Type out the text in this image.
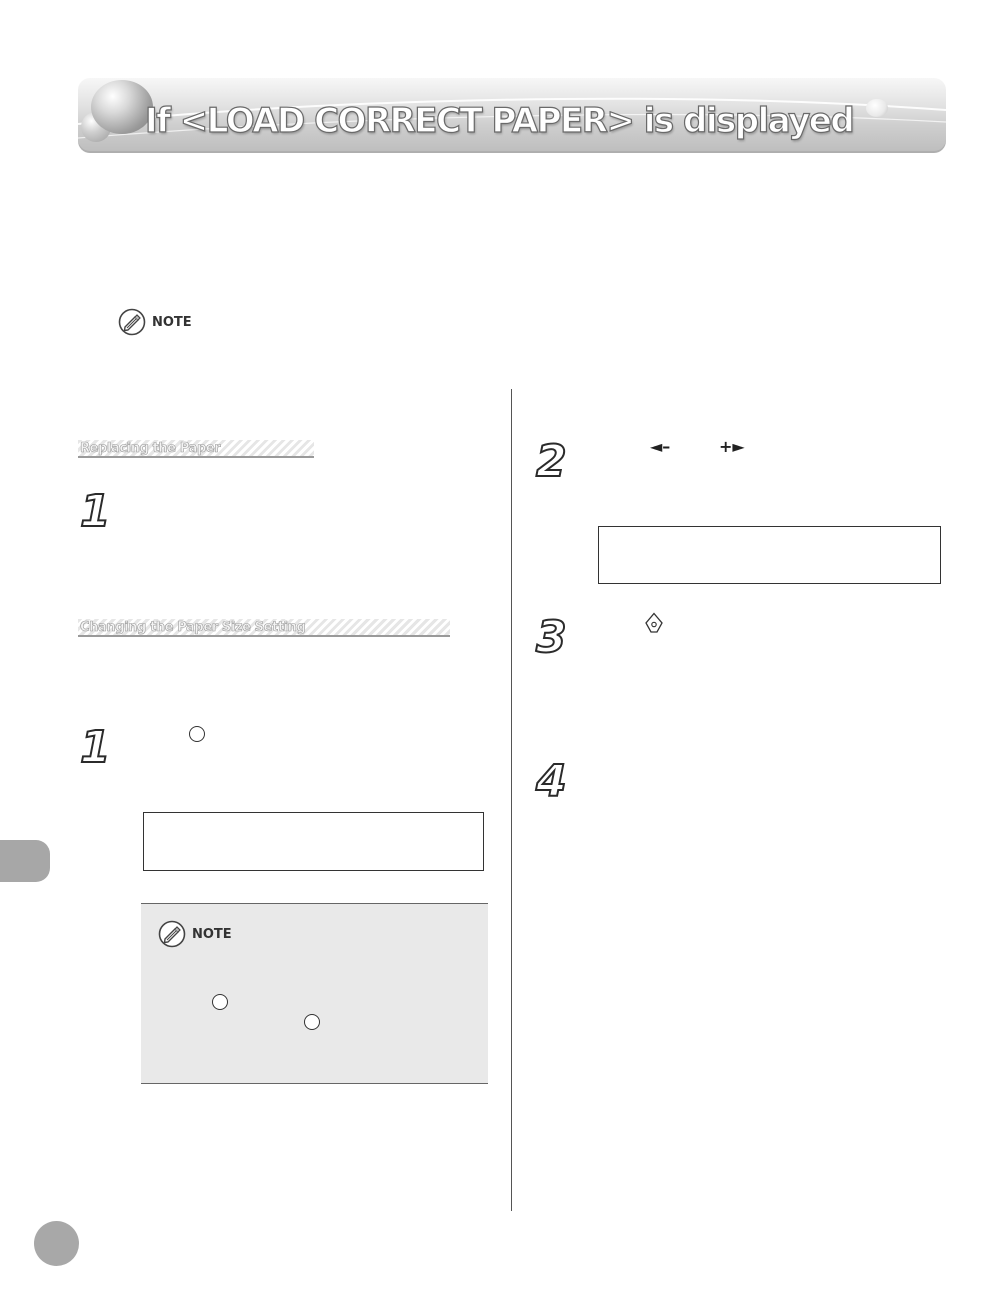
If <LOAD CORRECT PAPER> is displayed
NOTE
Replacing the Paper
1
Changing the Paper Size Setting
1
NOTE
2	◄–	+►
3
4
